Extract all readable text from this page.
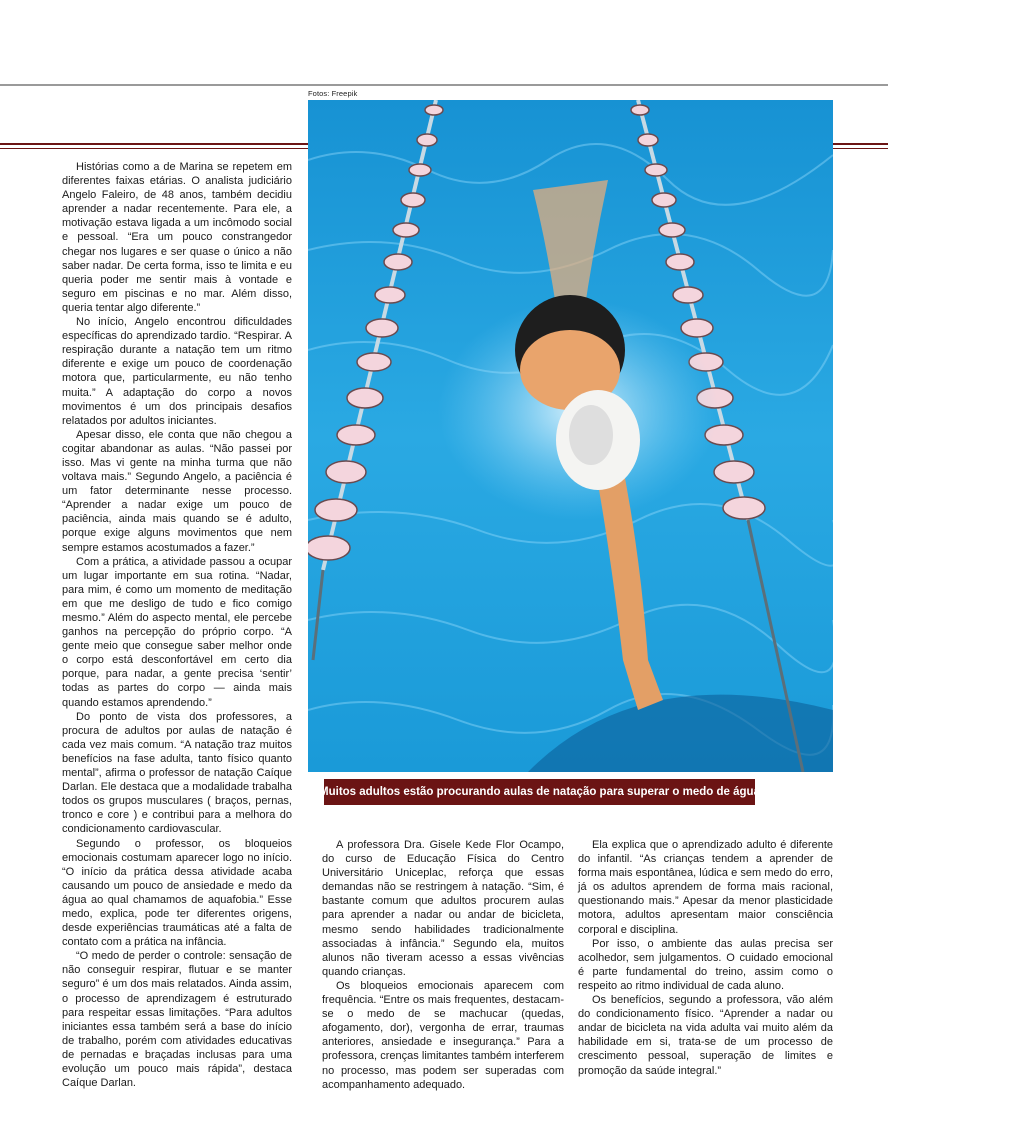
Fotos: Freepik
Muitos adultos estão procurando aulas de natação para superar o medo de água

Histórias como a de Marina se repetem em diferentes faixas etárias. O analista judiciário Angelo Faleiro, de 48 anos, também decidiu aprender a nadar recentemente. Para ele, a motivação estava ligada a um incômodo social e pessoal. “Era um pouco constrangedor chegar nos lugares e ser quase o único a não saber nadar. De certa forma, isso te limita e eu queria poder me sentir mais à vontade e seguro em piscinas e no mar. Além disso, queria tentar algo diferente.”

No início, Angelo encontrou dificuldades específicas do aprendizado tardio. “Respirar. A respiração durante a natação tem um ritmo diferente e exige um pouco de coordenação motora que, particularmente, eu não tenho muita.” A adaptação do corpo a novos movimentos é um dos principais desafios relatados por adultos iniciantes.

Apesar disso, ele conta que não chegou a cogitar abandonar as aulas. “Não passei por isso. Mas vi gente na minha turma que não voltava mais.” Segundo Angelo, a paciência é um fator determinante nesse processo. “Aprender a nadar exige um pouco de paciência, ainda mais quando se é adulto, porque exige alguns movimentos que nem sempre estamos acostumados a fazer.”

Com a prática, a atividade passou a ocupar um lugar importante em sua rotina. “Nadar, para mim, é como um momento de meditação em que me desligo de tudo e fico comigo mesmo.” Além do aspecto mental, ele percebe ganhos na percepção do próprio corpo. “A gente meio que consegue saber melhor onde o corpo está desconfortável em certo dia porque, para nadar, a gente precisa ‘sentir’ todas as partes do corpo — ainda mais quando estamos aprendendo.”

Do ponto de vista dos professores, a procura de adultos por aulas de natação é cada vez mais comum. “A natação traz muitos benefícios na fase adulta, tanto físico quanto mental”, afirma o professor de natação Caíque Darlan. Ele destaca que a modalidade trabalha todos os grupos musculares ( braços, pernas, tronco e core ) e contribui para a melhora do condicionamento cardiovascular.

Segundo o professor, os bloqueios emocionais costumam aparecer logo no início. “O início da prática dessa atividade acaba causando um pouco de ansiedade e medo da água ao qual chamamos de aquafobia.” Esse medo, explica, pode ter diferentes origens, desde experiências traumáticas até a falta de contato com a prática na infância.

“O medo de perder o controle: sensação de não conseguir respirar, flutuar e se manter seguro” é um dos mais relatados. Ainda assim, o processo de aprendizagem é estruturado para respeitar essas limitações. “Para adultos iniciantes essa também será a base do início de trabalho, porém com atividades educativas de pernadas e braçadas inclusas para uma evolução um pouco mais rápida”, destaca Caíque Darlan.

A professora Dra. Gisele Kede Flor Ocampo, do curso de Educação Física do Centro Universitário Uniceplac, reforça que essas demandas não se restringem à natação. “Sim, é bastante comum que adultos procurem aulas para aprender a nadar ou andar de bicicleta, mesmo sendo habilidades tradicionalmente associadas à infância.” Segundo ela, muitos alunos não tiveram acesso a essas vivências quando crianças.

Os bloqueios emocionais aparecem com frequência. “Entre os mais frequentes, destacam-se o medo de se machucar (quedas, afogamento, dor), vergonha de errar, traumas anteriores, ansiedade e insegurança.” Para a professora, crenças limitantes também interferem no processo, mas podem ser superadas com acompanhamento adequado.

Ela explica que o aprendizado adulto é diferente do infantil. “As crianças tendem a aprender de forma mais espontânea, lúdica e sem medo do erro, já os adultos aprendem de forma mais racional, questionando mais.” Apesar da menor plasticidade motora, adultos apresentam maior consciência corporal e disciplina.

Por isso, o ambiente das aulas precisa ser acolhedor, sem julgamentos. O cuidado emocional é parte fundamental do treino, assim como o respeito ao ritmo individual de cada aluno.

Os benefícios, segundo a professora, vão além do condicionamento físico. “Aprender a nadar ou andar de bicicleta na vida adulta vai muito além da habilidade em si, trata-se de um processo de crescimento pessoal, superação de limites e promoção da saúde integral.”
